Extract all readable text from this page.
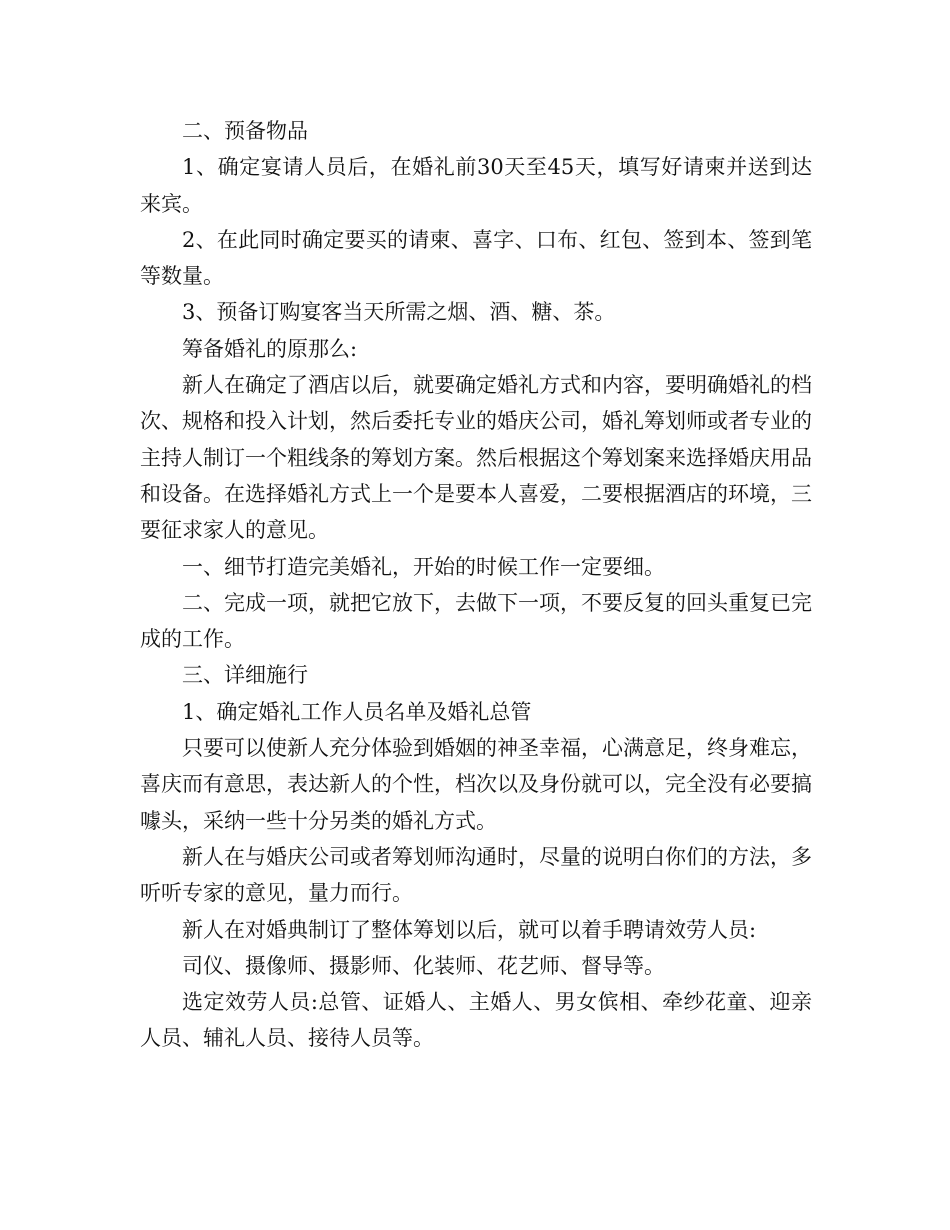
二、预备物品

1、确定宴请人员后，在婚礼前30天至45天，填写好请柬并送到达来宾。

2、在此同时确定要买的请柬、喜字、口布、红包、签到本、签到笔等数量。

3、预备订购宴客当天所需之烟、酒、糖、茶。

筹备婚礼的原那么:

新人在确定了酒店以后，就要确定婚礼方式和内容，要明确婚礼的档次、规格和投入计划，然后委托专业的婚庆公司，婚礼筹划师或者专业的主持人制订一个粗线条的筹划方案。然后根据这个筹划案来选择婚庆用品和设备。在选择婚礼方式上一个是要本人喜爱，二要根据酒店的环境，三要征求家人的意见。

一、细节打造完美婚礼，开始的时候工作一定要细。

二、完成一项，就把它放下，去做下一项，不要反复的回头重复已完成的工作。

三、详细施行

1、确定婚礼工作人员名单及婚礼总管

只要可以使新人充分体验到婚姻的神圣幸福，心满意足，终身难忘，喜庆而有意思，表达新人的个性，档次以及身份就可以，完全没有必要搞噱头，采纳一些十分另类的婚礼方式。

新人在与婚庆公司或者筹划师沟通时，尽量的说明白你们的方法，多听听专家的意见，量力而行。

新人在对婚典制订了整体筹划以后，就可以着手聘请效劳人员:

司仪、摄像师、摄影师、化装师、花艺师、督导等。

选定效劳人员:总管、证婚人、主婚人、男女傧相、牵纱花童、迎亲人员、辅礼人员、接待人员等。
